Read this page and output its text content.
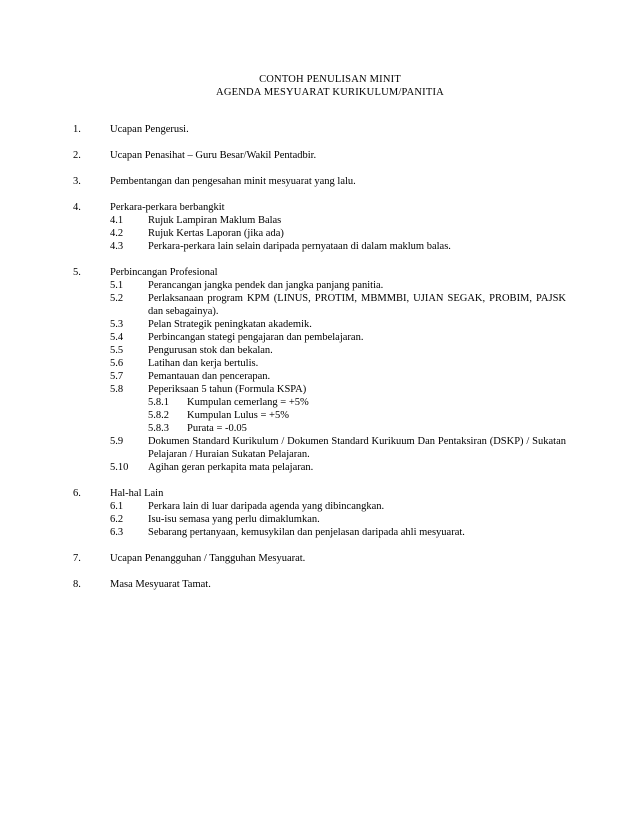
CONTOH PENULISAN MINIT
AGENDA MESYUARAT KURIKULUM/PANITIA
1.	Ucapan Pengerusi.
2.	Ucapan Penasihat – Guru Besar/Wakil Pentadbir.
3.	Pembentangan dan pengesahan minit mesyuarat yang lalu.
4.	Perkara-perkara berbangkit
4.1 Rujuk Lampiran Maklum Balas
4.2 Rujuk Kertas Laporan (jika ada)
4.3 Perkara-perkara lain selain daripada pernyataan di dalam maklum balas.
5.	Perbincangan Profesional
5.1 Perancangan jangka pendek dan jangka panjang panitia.
5.2 Perlaksanaan program KPM (LINUS, PROTIM, MBMMBI, UJIAN SEGAK, PROBIM, PAJSK dan sebagainya).
5.3 Pelan Strategik peningkatan akademik.
5.4 Perbincangan stategi pengajaran dan pembelajaran.
5.5 Pengurusan stok dan bekalan.
5.6 Latihan dan kerja bertulis.
5.7 Pemantauan dan pencerapan.
5.8 Peperiksaan 5 tahun (Formula KSPA)
5.8.1 Kumpulan cemerlang = +5%
5.8.2 Kumpulan Lulus = +5%
5.8.3 Purata = -0.05
5.9 Dokumen Standard Kurikulum / Dokumen Standard Kurikuum Dan Pentaksiran (DSKP) / Sukatan Pelajaran / Huraian Sukatan Pelajaran.
5.10 Agihan geran perkapita mata pelajaran.
6.	Hal-hal Lain
6.1 Perkara lain di luar daripada agenda yang dibincangkan.
6.2 Isu-isu semasa yang perlu dimaklumkan.
6.3 Sebarang pertanyaan, kemusykilan dan penjelasan daripada ahli mesyuarat.
7.	Ucapan Penangguhan / Tangguhan Mesyuarat.
8.	Masa Mesyuarat Tamat.
